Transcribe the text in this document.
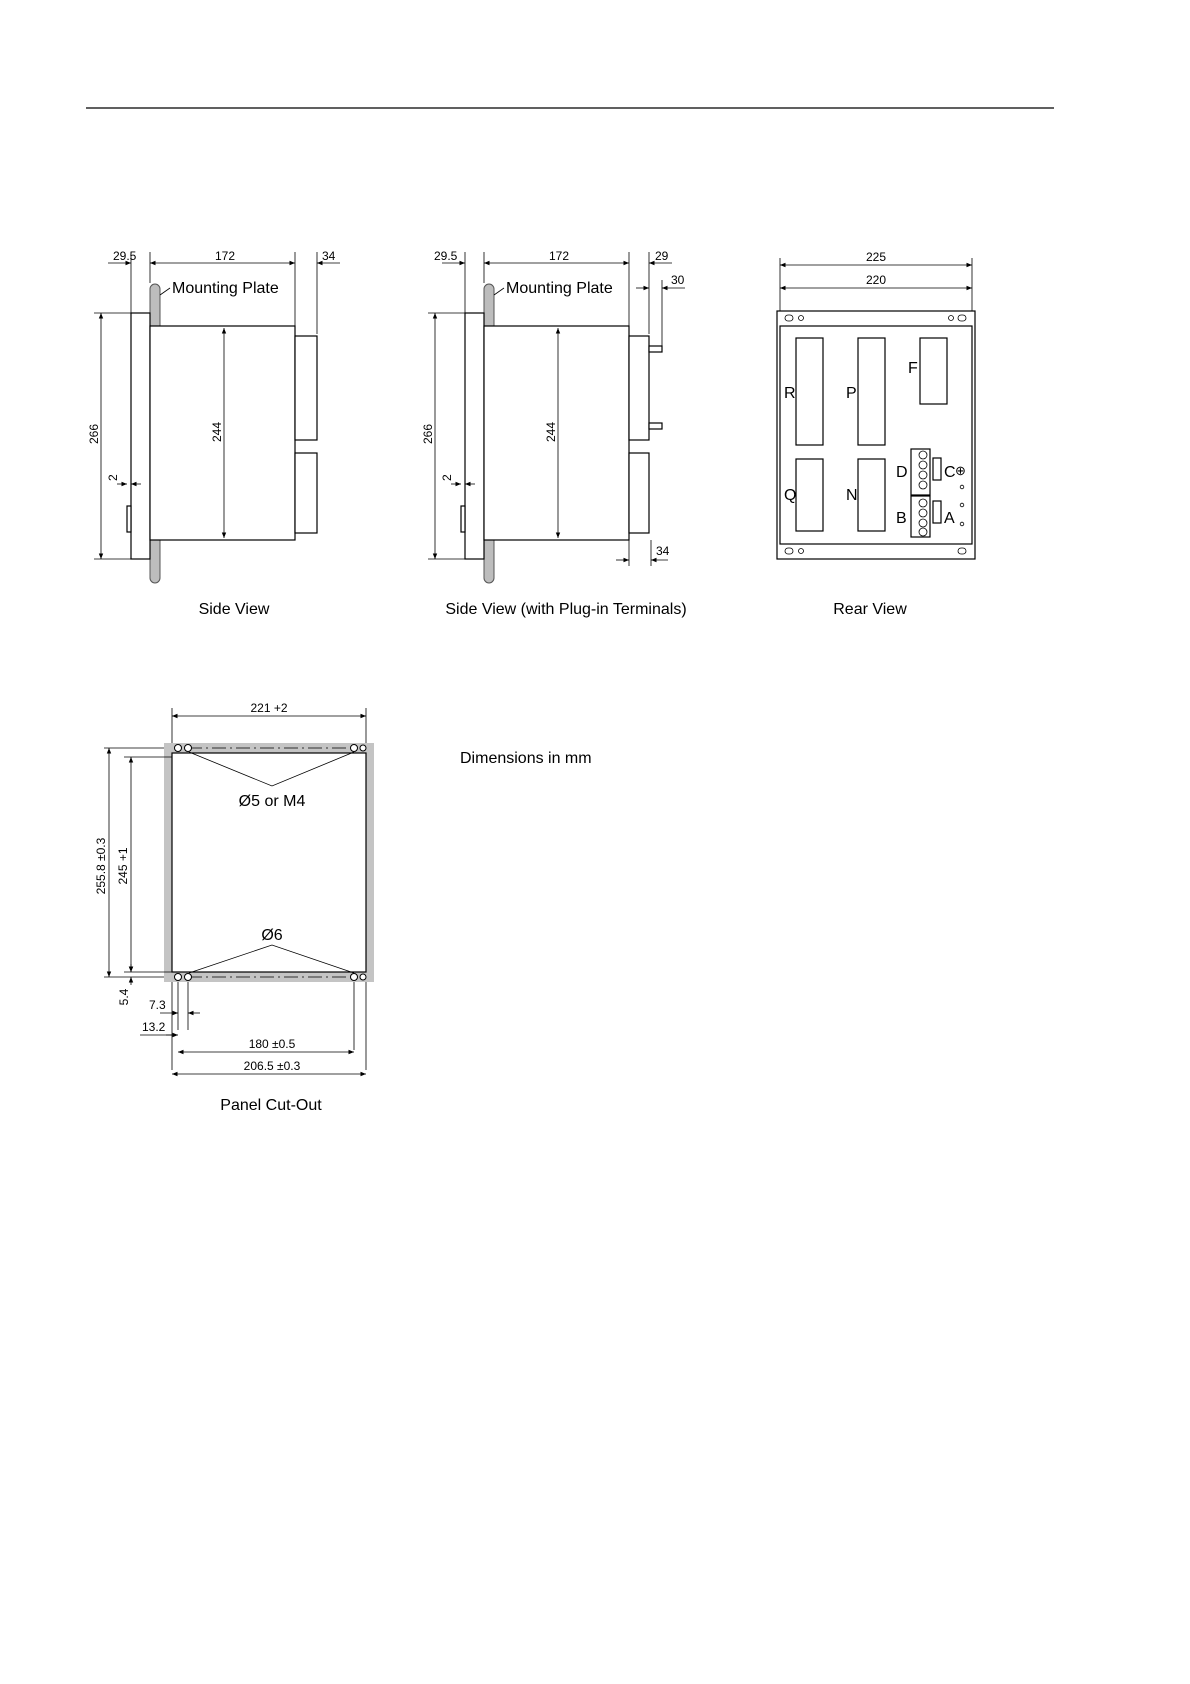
29.5	172	34
Mounting Plate
266	244
2
Side View
29.5	172	29
30
Mounting Plate
266	244
2
34
Side View (with Plug-in Terminals)
225
220
R	P
F
Q	N
D C
B A
⊕
Rear View
221 +2
255.8 ±0.3 245 +1
5.4 7.3
13.2
180 ±0.5
206.5 ±0.3
Ø5 or M4
Ø6
Panel Cut-Out
Dimensions in mm
